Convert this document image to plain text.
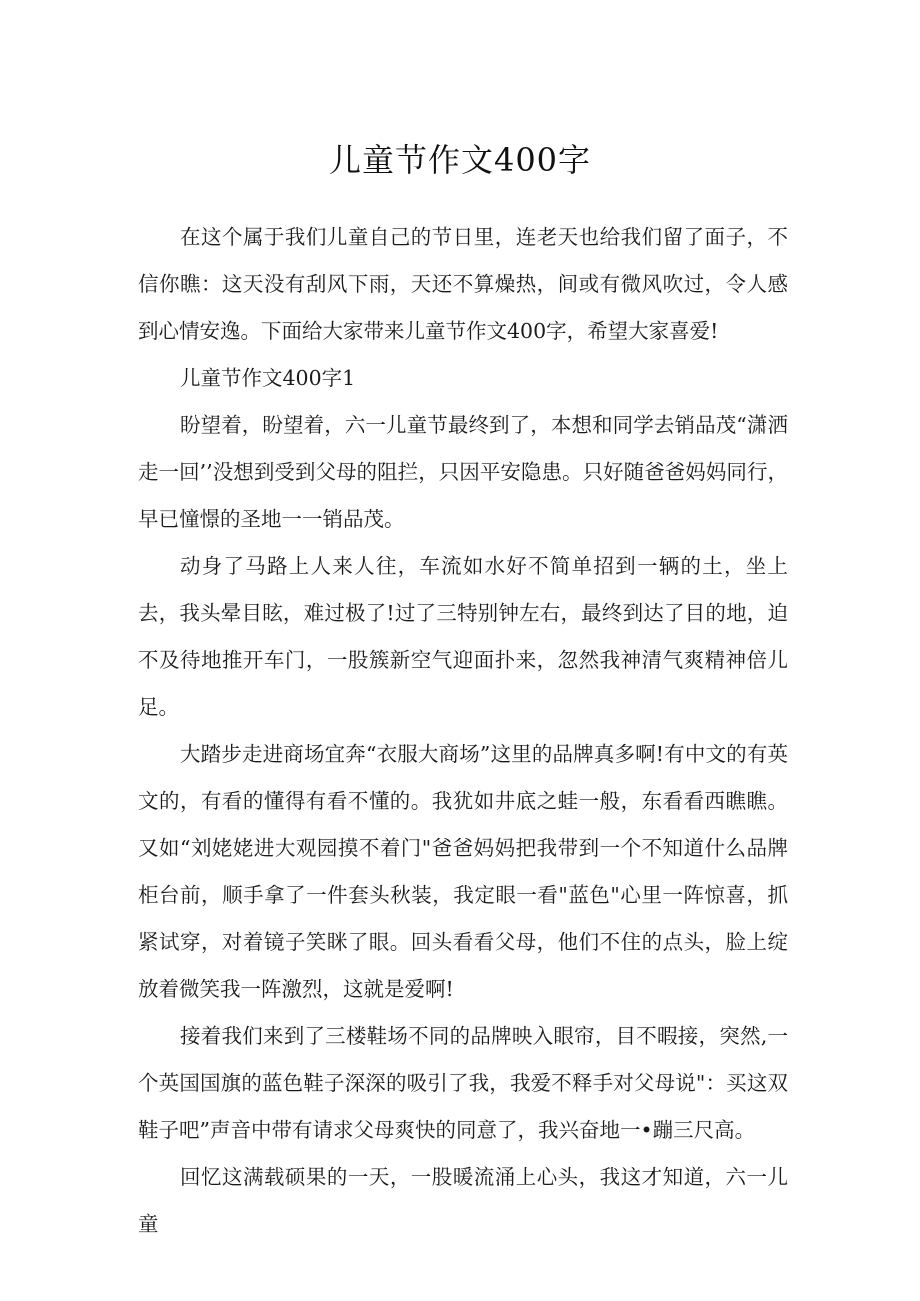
儿童节作文400字

在这个属于我们儿童自己的节日里，连老天也给我们留了面子，不信你瞧：这天没有刮风下雨，天还不算燥热，间或有微风吹过，令人感到心情安逸。下面给大家带来儿童节作文400字，希望大家喜爱!

儿童节作文400字1

盼望着，盼望着，六一儿童节最终到了，本想和同学去销品茂“潇洒走一回’’没想到受到父母的阻拦，只因平安隐患。只好随爸爸妈妈同行，早已憧憬的圣地一一销品茂。

动身了马路上人来人往，车流如水好不简单招到一辆的土，坐上去，我头晕目眩，难过极了!过了三特别钟左右，最终到达了目的地，迫不及待地推开车门，一股簇新空气迎面扑来，忽然我神清气爽精神倍儿足。

大踏步走进商场宜奔“衣服大商场”这里的品牌真多啊!有中文的有英文的，有看的懂得有看不懂的。我犹如井底之蛙一般，东看看西瞧瞧。又如“刘姥姥进大观园摸不着门"爸爸妈妈把我带到一个不知道什么品牌柜台前，顺手拿了一件套头秋装，我定眼一看"蓝色"心里一阵惊喜，抓紧试穿，对着镜子笑眯了眼。回头看看父母，他们不住的点头，脸上绽放着微笑我一阵激烈，这就是爱啊!

接着我们来到了三楼鞋场不同的品牌映入眼帘，目不暇接，突然,一个英国国旗的蓝色鞋子深深的吸引了我，我爱不释手对父母说"：买这双鞋子吧”声音中带有请求父母爽快的同意了，我兴奋地一•蹦三尺高。

回忆这满载硕果的一天，一股暖流涌上心头，我这才知道，六一儿童
